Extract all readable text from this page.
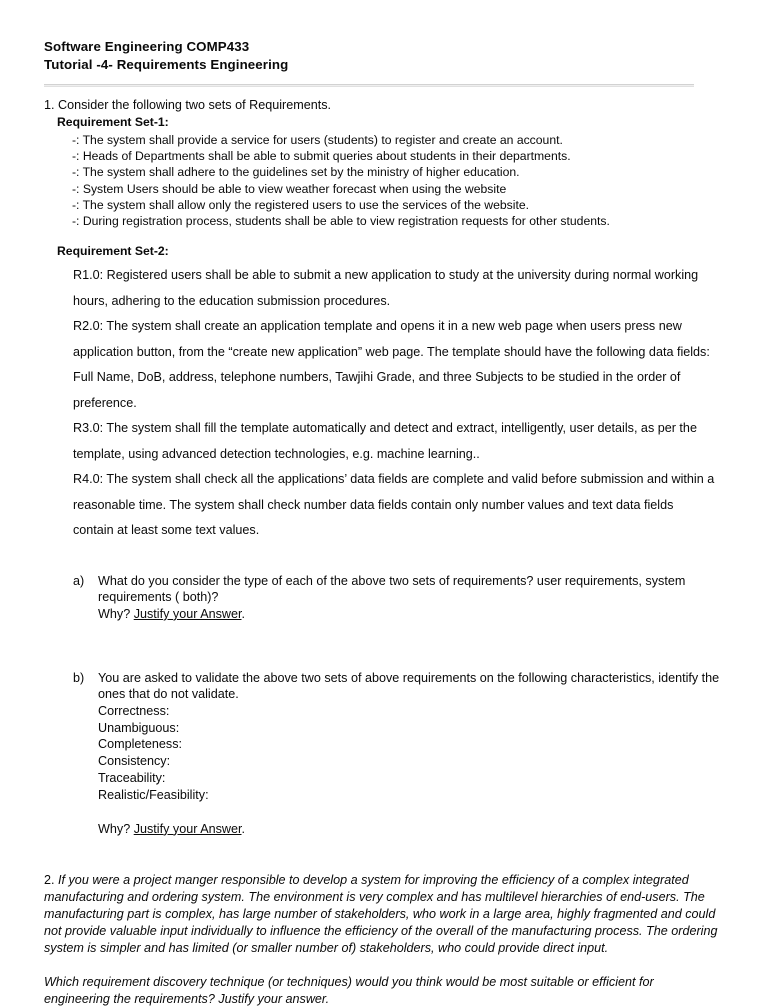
Software Engineering COMP433
Tutorial -4- Requirements Engineering
1. Consider the following two sets of Requirements.
Requirement Set-1:
-: The system shall provide a service for users (students) to register and create an account.
-: Heads of Departments shall be able to submit queries about students in their departments.
-: The system shall adhere to the guidelines set by the ministry of higher education.
-: System Users should be able to view weather forecast when using the website
-: The system shall allow only the registered users to use the services of the website.
-: During registration process, students shall be able to view registration requests for other students.
Requirement Set-2:
R1.0: Registered users shall be able to submit a new application to study at the university during normal working hours, adhering to the education submission procedures.
R2.0: The system shall create an application template and opens it in a new web page when users press new application button, from the “create new application” web page. The template should have the following data fields: Full Name, DoB, address, telephone numbers, Tawjihi Grade, and three Subjects to be studied in the order of preference.
R3.0: The system shall fill the template automatically and detect and extract, intelligently, user details, as per the template, using advanced detection technologies, e.g. machine learning..
R4.0: The system shall check all the applications’ data fields are complete and valid before submission and within a reasonable time. The system shall check number data fields contain only number values and text data fields contain at least some text values.
a) What do you consider the type of each of the above two sets of requirements? user requirements, system requirements ( both)?
Why? Justify your Answer.
b) You are asked to validate the above two sets of above requirements on the following characteristics, identify the ones that do not validate.
Correctness:
Unambiguous:
Completeness:
Consistency:
Traceability:
Realistic/Feasibility:
Why? Justify your Answer.
2. If you were a project manger responsible to develop a system for improving the efficiency of a complex integrated manufacturing and ordering system. The environment is very complex and has multilevel hierarchies of end-users. The manufacturing part is complex, has large number of stakeholders, who work in a large area, highly fragmented and could not provide valuable input individually to influence the efficiency of the overall of the manufacturing process. The ordering system is simpler and has limited (or smaller number of) stakeholders, who could provide direct input.
Which requirement discovery technique (or techniques) would you think would be most suitable or efficient for engineering the requirements? Justify your answer.
